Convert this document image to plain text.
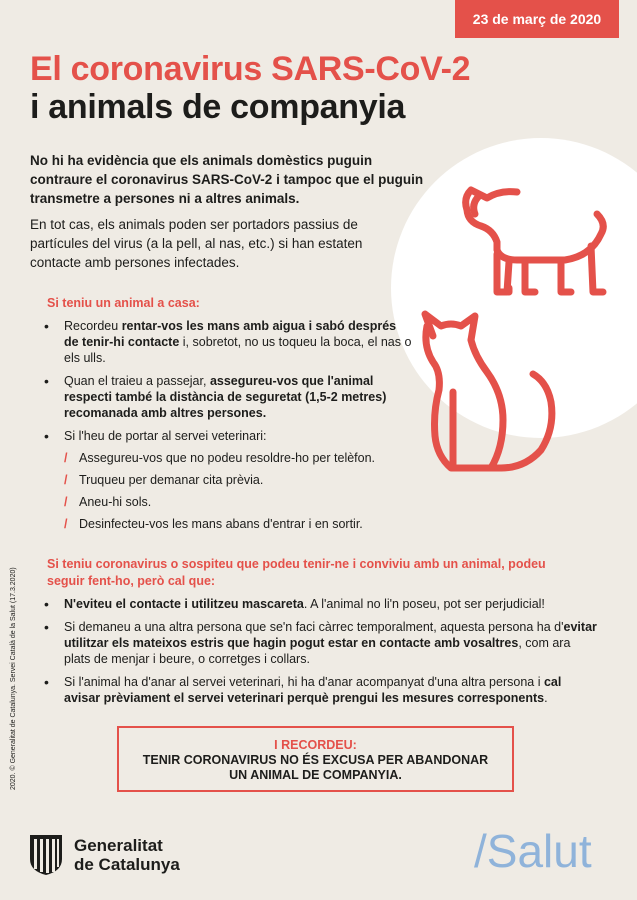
23 de març de 2020
El coronavirus SARS-CoV-2
i animals de companyia

No hi ha evidència que els animals domèstics puguin contraure el coronavirus SARS-CoV-2 i tampoc que el puguin transmetre a persones ni a altres animals.

En tot cas, els animals poden ser portadors passius de partícules del virus (a la pell, al nas, etc.) si han estaten contacte amb persones infectades.

Si teniu un animal a casa:
• Recordeu rentar-vos les mans amb aigua i sabó després de tenir-hi contacte i, sobretot, no us toqueu la boca, el nas o els ulls.
• Quan el traieu a passejar, assegureu-vos que l'animal respecti també la distància de seguretat (1,5-2 metres) recomanada amb altres persones.
• Si l'heu de portar al servei veterinari:
/ Assegureu-vos que no podeu resoldre-ho per telèfon.
/ Truqueu per demanar cita prèvia.
/ Aneu-hi sols.
/ Desinfecteu-vos les mans abans d'entrar i en sortir.
Si teniu coronavirus o sospiteu que podeu tenir-ne i conviviu amb un animal, podeu seguir fent-ho, però cal que:
• N'eviteu el contacte i utilitzeu mascareta. A l'animal no li'n poseu, pot ser perjudicial!
• Si demaneu a una altra persona que se'n faci càrrec temporalment, aquesta persona ha d'evitar utilitzar els mateixos estris que hagin pogut estar en contacte amb vosaltres, com ara plats de menjar i beure, o corretges i collars.
• Si l'animal ha d'anar al servei veterinari, hi ha d'anar acompanyat d'una altra persona i cal avisar prèviament el servei veterinari perquè prengui les mesures corresponents.
I RECORDEU:
TENIR CORONAVIRUS NO ÉS EXCUSA PER ABANDONAR UN ANIMAL DE COMPANYIA.
2020. © Generalitat de Catalunya. Servei Català de la Salut (17.3.2020)
Generalitat
de Catalunya	/Salut
